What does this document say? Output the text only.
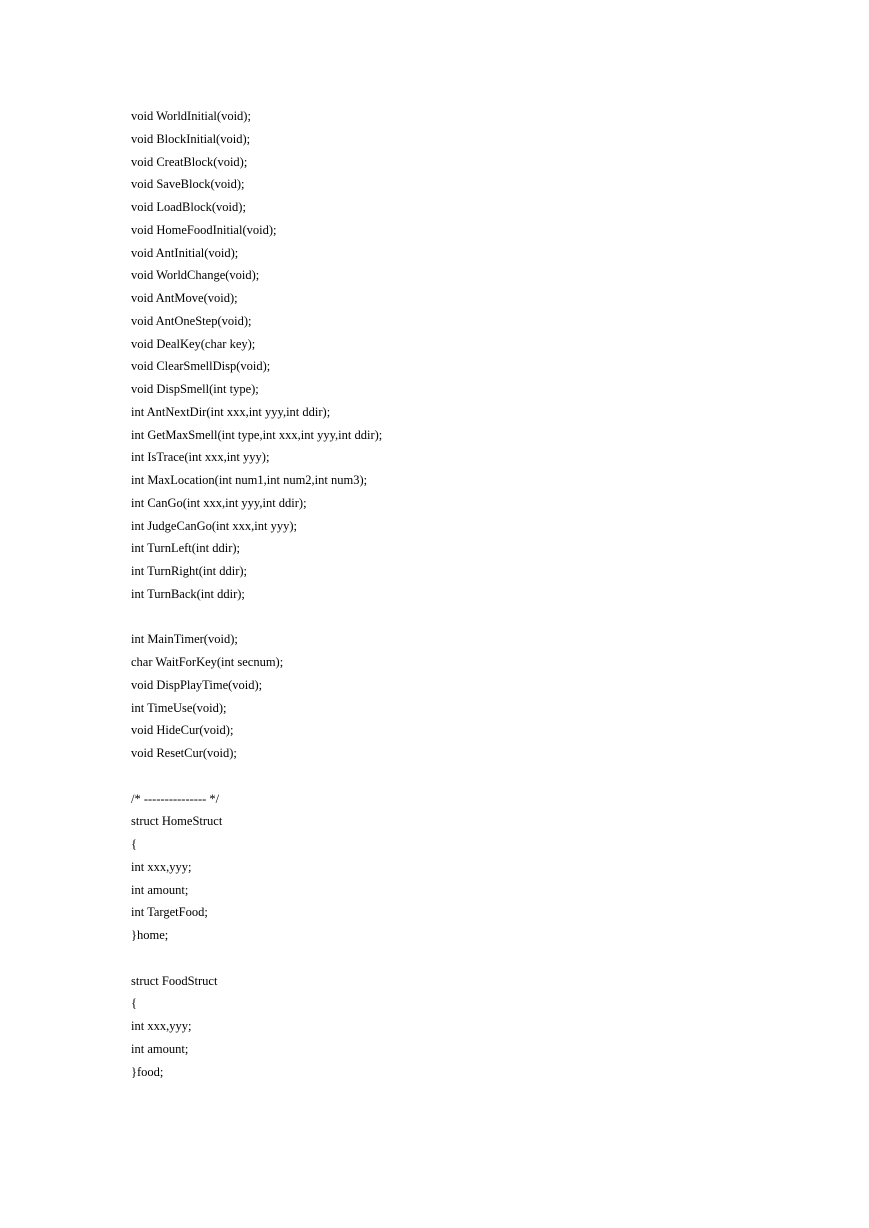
void WorldInitial(void);
void BlockInitial(void);
void CreatBlock(void);
void SaveBlock(void);
void LoadBlock(void);
void HomeFoodInitial(void);
void AntInitial(void);
void WorldChange(void);
void AntMove(void);
void AntOneStep(void);
void DealKey(char key);
void ClearSmellDisp(void);
void DispSmell(int type);
int AntNextDir(int xxx,int yyy,int ddir);
int GetMaxSmell(int type,int xxx,int yyy,int ddir);
int IsTrace(int xxx,int yyy);
int MaxLocation(int num1,int num2,int num3);
int CanGo(int xxx,int yyy,int ddir);
int JudgeCanGo(int xxx,int yyy);
int TurnLeft(int ddir);
int TurnRight(int ddir);
int TurnBack(int ddir);
int MainTimer(void);
char WaitForKey(int secnum);
void DispPlayTime(void);
int TimeUse(void);
void HideCur(void);
void ResetCur(void);
/* --------------- */
struct HomeStruct
{
int xxx,yyy;
int amount;
int TargetFood;
}home;
struct FoodStruct
{
int xxx,yyy;
int amount;
}food;
